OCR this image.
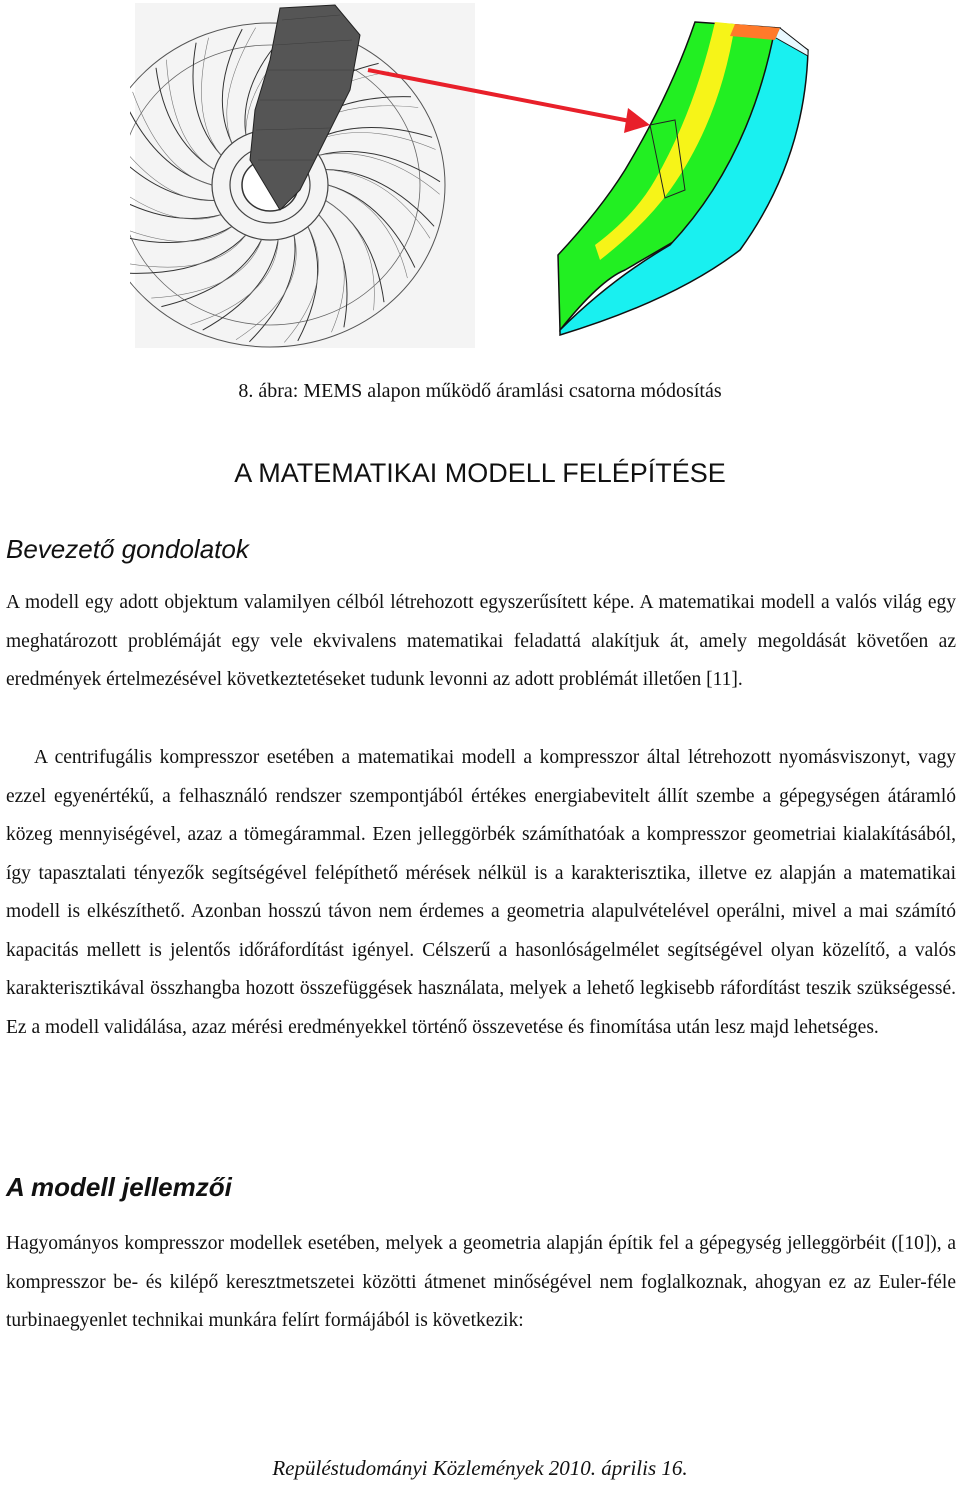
8. ábra: MEMS alapon működő áramlási csatorna módosítás
A MATEMATIKAI MODELL FELÉPÍTÉSE
Bevezető gondolatok

A modell egy adott objektum valamilyen célból létrehozott egyszerűsített képe. A matematikai modell a valós világ egy meghatározott problémáját egy vele ekvivalens matematikai feladattá alakítjuk át, amely megoldását követően az eredmények értelmezésével következtetéseket tudunk levonni az adott problémát illetően [11].

A centrifugális kompresszor esetében a matematikai modell a kompresszor által létrehozott nyomásviszonyt, vagy ezzel egyenértékű, a felhasználó rendszer szempontjából értékes energiabevitelt állít szembe a gépegységen átáramló közeg mennyiségével, azaz a tömegárammal. Ezen jelleggörbék számíthatóak a kompresszor geometriai kialakításából, így tapasztalati tényezők segítségével felépíthető mérések nélkül is a karakterisztika, illetve ez alapján a matematikai modell is elkészíthető. Azonban hosszú távon nem érdemes a geometria alapulvételével operálni, mivel a mai számító kapacitás mellett is jelentős időráfordítást igényel. Célszerű a hasonlóságelmélet segítségével olyan közelítő, a valós karakterisztikával összhangba hozott összefüggések használata, melyek a lehető legkisebb ráfordítást teszik szükségessé. Ez a modell validálása, azaz mérési eredményekkel történő összevetése és finomítása után lesz majd lehetséges.

A modell jellemzői

Hagyományos kompresszor modellek esetében, melyek a geometria alapján építik fel a gépegység jelleggörbéit ([10]), a kompresszor be- és kilépő keresztmetszetei közötti átmenet minőségével nem foglalkoznak, ahogyan ez az Euler-féle turbinaegyenlet technikai munkára felírt formájából is következik:

Repüléstudományi Közlemények 2010. április 16.
